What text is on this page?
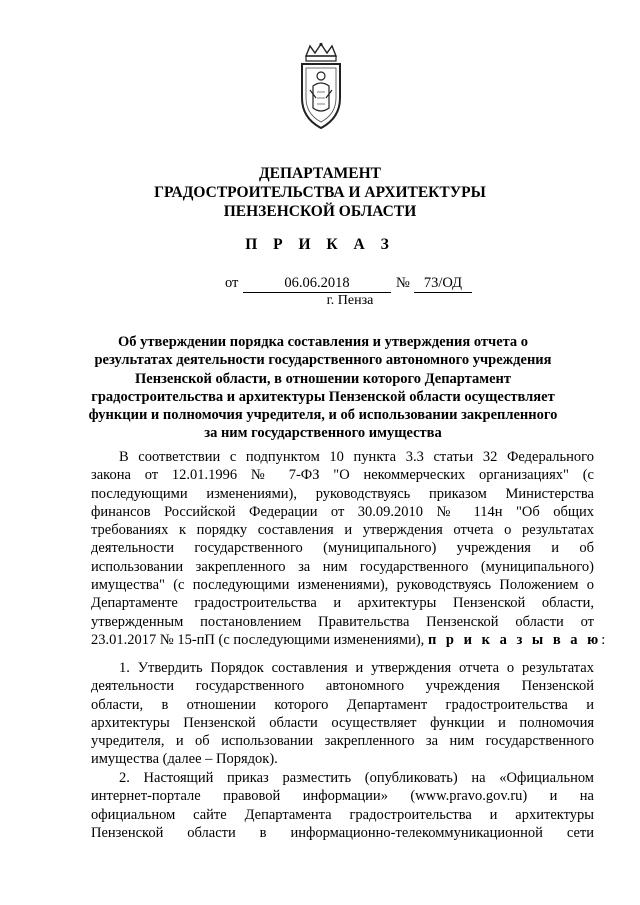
ДЕПАРТАМЕНТ
ГРАДОСТРОИТЕЛЬСТВА И АРХИТЕКТУРЫ
ПЕНЗЕНСКОЙ ОБЛАСТИ
П Р И К А З
от	06.06.2018	№ 73/ОД
г. Пенза
Об утверждении порядка составления и утверждения отчета о
результатах деятельности государственного автономного учреждения
Пензенской области, в отношении которого Департамент
градостроительства и архитектуры Пензенской области осуществляет
функции и полномочия учредителя, и об использовании закрепленного
за ним государственного имущества
В соответствии с подпунктом 10 пункта 3.3 статьи 32 Федерального
закона от 12.01.1996 № 7-ФЗ "О некоммерческих организациях" (с
последующими изменениями), руководствуясь приказом Министерства
финансов Российской Федерации от 30.09.2010 № 114н "Об общих
требованиях к порядку составления и утверждения отчета о результатах
деятельности государственного (муниципального) учреждения и об
использовании закрепленного за ним государственного (муниципального)
имущества" (с последующими изменениями), руководствуясь Положением о
Департаменте градостроительства и архитектуры Пензенской области,
утвержденным постановлением Правительства Пензенской области от
23.01.2017 № 15-пП (с последующими изменениями), п р и к а з ы в а ю:
1. Утвердить Порядок составления и утверждения отчета о результатах
деятельности государственного автономного учреждения Пензенской
области, в отношении которого Департамент градостроительства и
архитектуры Пензенской области осуществляет функции и полномочия
учредителя, и об использовании закрепленного за ним государственного
имущества (далее – Порядок).
2. Настоящий приказ разместить (опубликовать) на «Официальном
интернет-портале правовой информации» (www.pravo.gov.ru) и на
официальном сайте Департамента градостроительства и архитектуры
Пензенской области в информационно-телекоммуникационной сети
